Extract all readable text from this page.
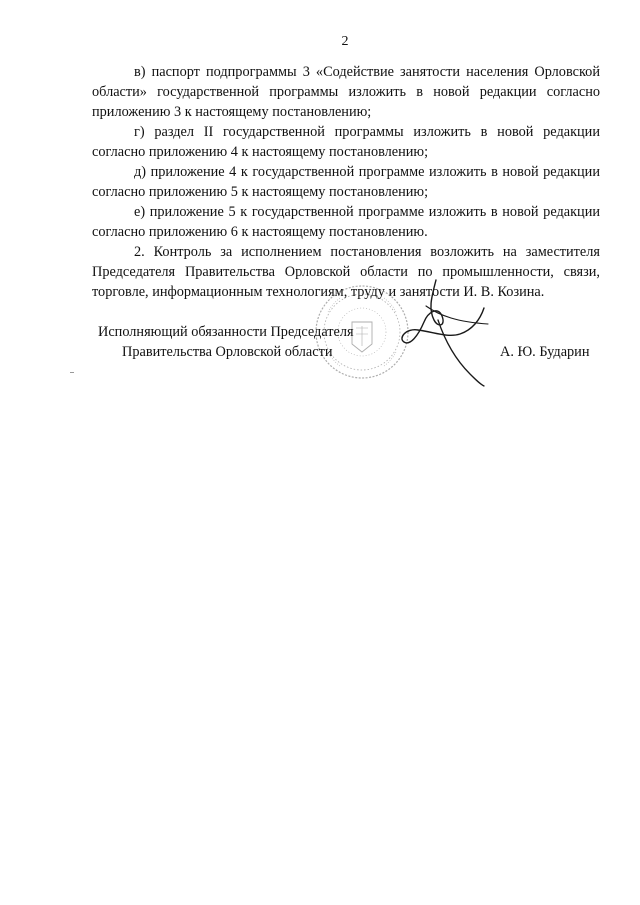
2

в) паспорт подпрограммы 3 «Содействие занятости населения Орловской области» государственной программы изложить в новой редакции согласно приложению 3 к настоящему постановлению;

г) раздел II государственной программы изложить в новой редакции согласно приложению 4 к настоящему постановлению;

д) приложение 4 к государственной программе изложить в новой редакции согласно приложению 5 к настоящему постановлению;

е) приложение 5 к государственной программе изложить в новой редакции согласно приложению 6 к настоящему постановлению.

2. Контроль за исполнением постановления возложить на заместителя Председателя Правительства Орловской области по промышленности, связи, торговле, информационным технологиям, труду и занятости И. В. Козина.

Исполняющий обязанности Председателя
Правительства Орловской области	А. Ю. Бударин
